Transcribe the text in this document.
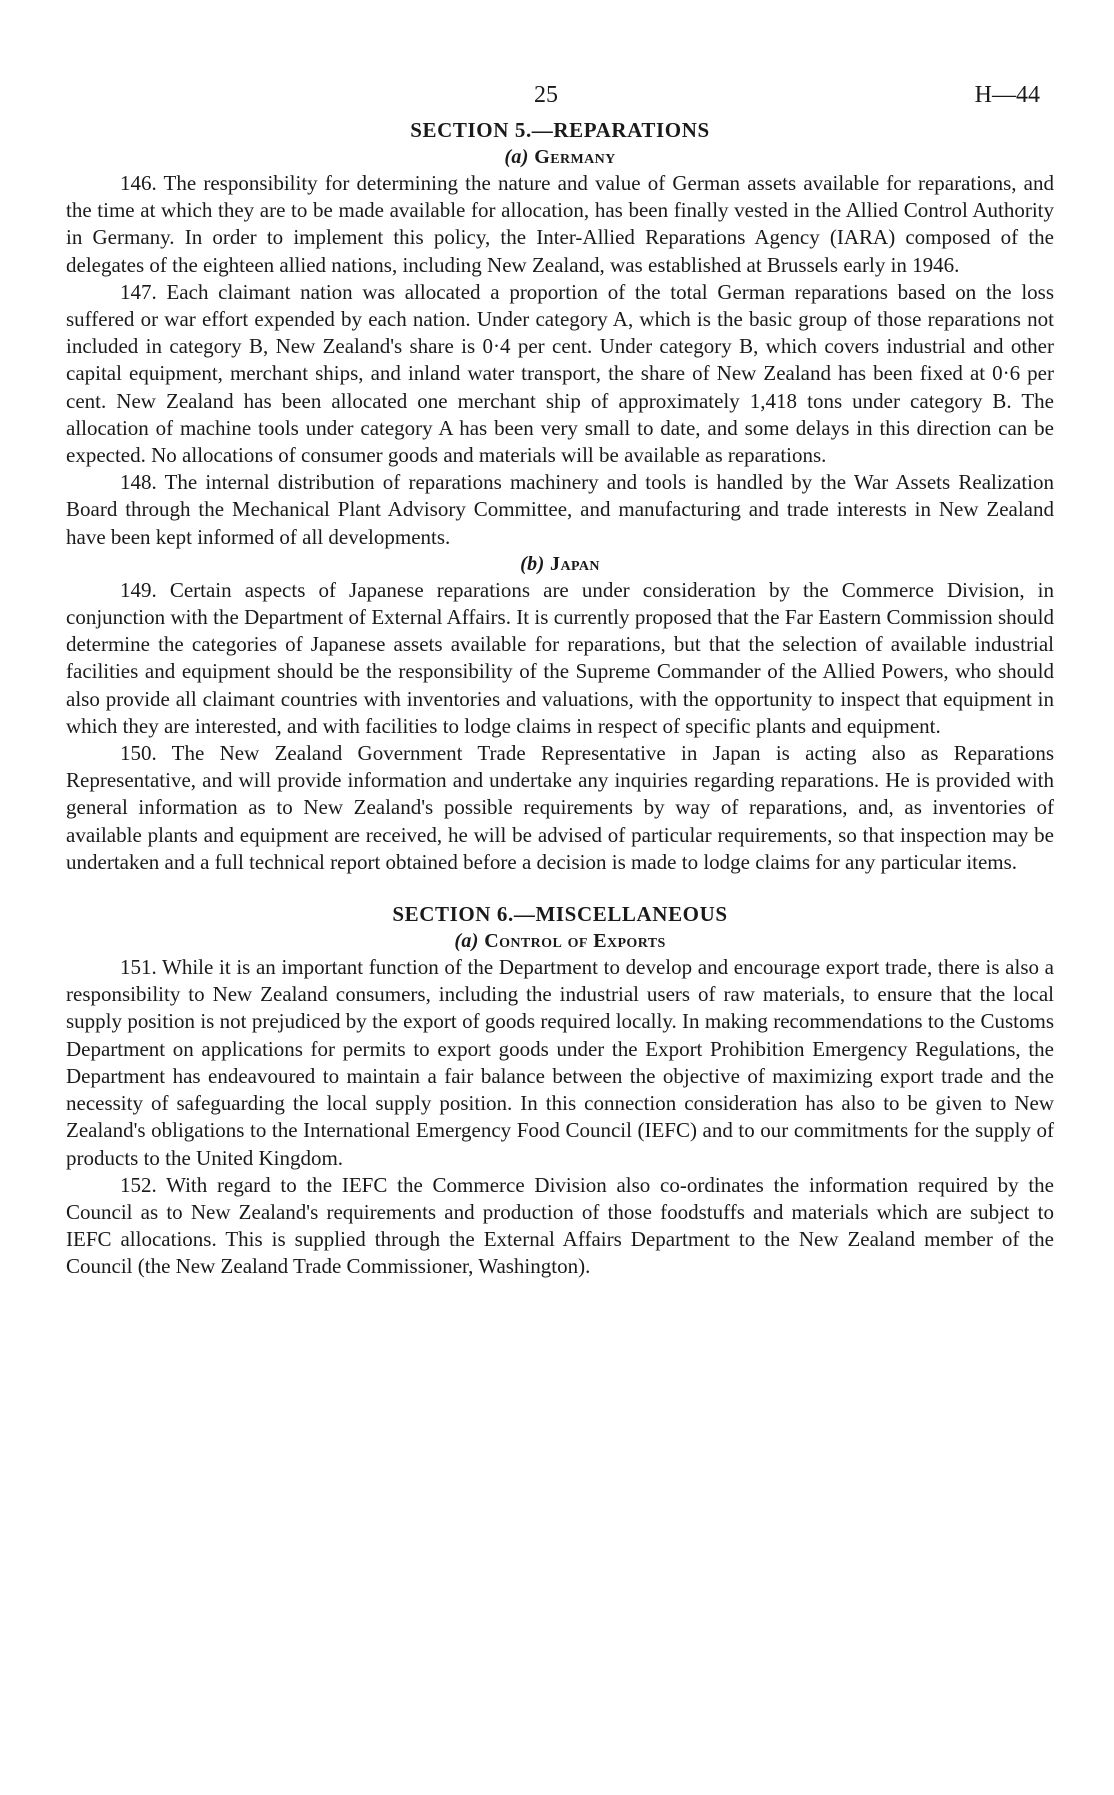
25	H—44
SECTION 5.—REPARATIONS
(a) Germany

146. The responsibility for determining the nature and value of German assets available for reparations, and the time at which they are to be made available for allocation, has been finally vested in the Allied Control Authority in Germany. In order to implement this policy, the Inter-Allied Reparations Agency (IARA) composed of the delegates of the eighteen allied nations, including New Zealand, was established at Brussels early in 1946.

147. Each claimant nation was allocated a proportion of the total German reparations based on the loss suffered or war effort expended by each nation. Under category A, which is the basic group of those reparations not included in category B, New Zealand's share is 0·4 per cent. Under category B, which covers industrial and other capital equipment, merchant ships, and inland water transport, the share of New Zealand has been fixed at 0·6 per cent. New Zealand has been allocated one merchant ship of approximately 1,418 tons under category B. The allocation of machine tools under category A has been very small to date, and some delays in this direction can be expected. No allocations of consumer goods and materials will be available as reparations.

148. The internal distribution of reparations machinery and tools is handled by the War Assets Realization Board through the Mechanical Plant Advisory Committee, and manufacturing and trade interests in New Zealand have been kept informed of all developments.

(b) Japan

149. Certain aspects of Japanese reparations are under consideration by the Commerce Division, in conjunction with the Department of External Affairs. It is currently proposed that the Far Eastern Commission should determine the categories of Japanese assets available for reparations, but that the selection of available industrial facilities and equipment should be the responsibility of the Supreme Commander of the Allied Powers, who should also provide all claimant countries with inventories and valuations, with the opportunity to inspect that equipment in which they are interested, and with facilities to lodge claims in respect of specific plants and equipment.

150. The New Zealand Government Trade Representative in Japan is acting also as Reparations Representative, and will provide information and undertake any inquiries regarding reparations. He is provided with general information as to New Zealand's possible requirements by way of reparations, and, as inventories of available plants and equipment are received, he will be advised of particular requirements, so that inspection may be undertaken and a full technical report obtained before a decision is made to lodge claims for any particular items.

SECTION 6.—MISCELLANEOUS
(a) Control of Exports

151. While it is an important function of the Department to develop and encourage export trade, there is also a responsibility to New Zealand consumers, including the industrial users of raw materials, to ensure that the local supply position is not prejudiced by the export of goods required locally. In making recommendations to the Customs Department on applications for permits to export goods under the Export Prohibition Emergency Regulations, the Department has endeavoured to maintain a fair balance between the objective of maximizing export trade and the necessity of safeguarding the local supply position. In this connection consideration has also to be given to New Zealand's obligations to the International Emergency Food Council (IEFC) and to our commitments for the supply of products to the United Kingdom.

152. With regard to the IEFC the Commerce Division also co-ordinates the information required by the Council as to New Zealand's requirements and production of those foodstuffs and materials which are subject to IEFC allocations. This is supplied through the External Affairs Department to the New Zealand member of the Council (the New Zealand Trade Commissioner, Washington).
